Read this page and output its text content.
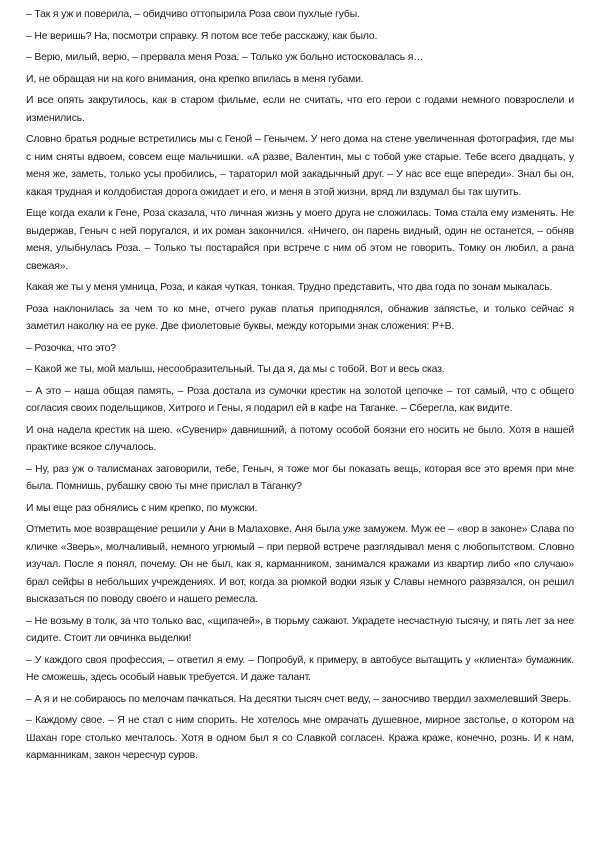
– Так я уж и поверила, – обидчиво оттопырила Роза свои пухлые губы.

– Не веришь? На, посмотри справку. Я потом все тебе расскажу, как было.

– Верю, милый, верю, – прервала меня Роза. – Только уж больно истосковалась я…

И, не обращая ни на кого внимания, она крепко впилась в меня губами.

И все опять закрутилось, как в старом фильме, если не считать, что его герои с годами немного повзрослели и изменились.

Словно братья родные встретились мы с Геной – Генычем. У него дома на стене увеличенная фотография, где мы с ним сняты вдвоем, совсем еще мальчишки. «А разве, Валентин, мы с тобой уже старые. Тебе всего двадцать, у меня же, заметь, только усы пробились, – тараторил мой закадычный друг. – У нас все еще впереди». Знал бы он, какая трудная и колдобистая дорога ожидает и его, и меня в этой жизни, вряд ли вздумал бы так шутить.

Еще когда ехали к Гене, Роза сказала, что личная жизнь у моего друга не сложилась. Тома стала ему изменять. Не выдержав, Геныч с ней поругался, и их роман закончился. «Ничего, он парень видный, один не останется, – обняв меня, улыбнулась Роза. – Только ты постарайся при встрече с ним об этом не говорить. Томку он любил, а рана свежая».

Какая же ты у меня умница, Роза, и какая чуткая, тонкая. Трудно представить, что два года по зонам мыкалась.

Роза наклонилась за чем то ко мне, отчего рукав платья приподнялся, обнажив запястье, и только сейчас я заметил наколку на ее руке. Две фиолетовые буквы, между которыми знак сложения: Р+В.

– Розочка, что это?

– Какой же ты, мой малыш, несообразительный. Ты да я, да мы с тобой. Вот и весь сказ.

– А это – наша общая память, – Роза достала из сумочки крестик на золотой цепочке – тот самый, что с общего согласия своих подельщиков, Хитрого и Гены, я подарил ей в кафе на Таганке. – Сберегла, как видите.

И она надела крестик на шею. «Сувенир» давнишний, а потому особой боязни его носить не было. Хотя в нашей практике всякое случалось.

– Ну, раз уж о талисманах заговорили, тебе, Геныч, я тоже мог бы показать вещь, которая все это время при мне была. Помнишь, рубашку свою ты мне прислал в Таганку?

И мы еще раз обнялись с ним крепко, по мужски.

Отметить мое возвращение решили у Ани в Малаховке. Аня была уже замужем. Муж ее – «вор в законе» Слава по кличке «Зверь», молчаливый, немного угрюмый – при первой встрече разглядывал меня с любопытством. Словно изучал. После я понял, почему. Он не был, как я, карманником, занимался кражами из квартир либо «по случаю» брал сейфы в небольших учреждениях. И вот, когда за рюмкой водки язык у Славы немного развязался, он решил высказаться по поводу своего и нашего ремесла.

– Не возьму в толк, за что только вас, «щипачей», в тюрьму сажают. Украдете несчастную тысячу, и пять лет за нее сидите. Стоит ли овчинка выделки!

– У каждого своя профессия, – ответил я ему. – Попробуй, к примеру, в автобусе вытащить у «клиента» бумажник. Не сможешь, здесь особый навык требуется. И даже талант.

– А я и не собираюсь по мелочам пачкаться. На десятки тысяч счет веду, – заносчиво твердил захмелевший Зверь.

– Каждому свое. – Я не стал с ним спорить. Не хотелось мне омрачать душевное, мирное застолье, о котором на Шахан горе столько мечталось. Хотя в одном был я со Славкой согласен. Кража краже, конечно, рознь. И к нам, карманникам, закон чересчур суров.
